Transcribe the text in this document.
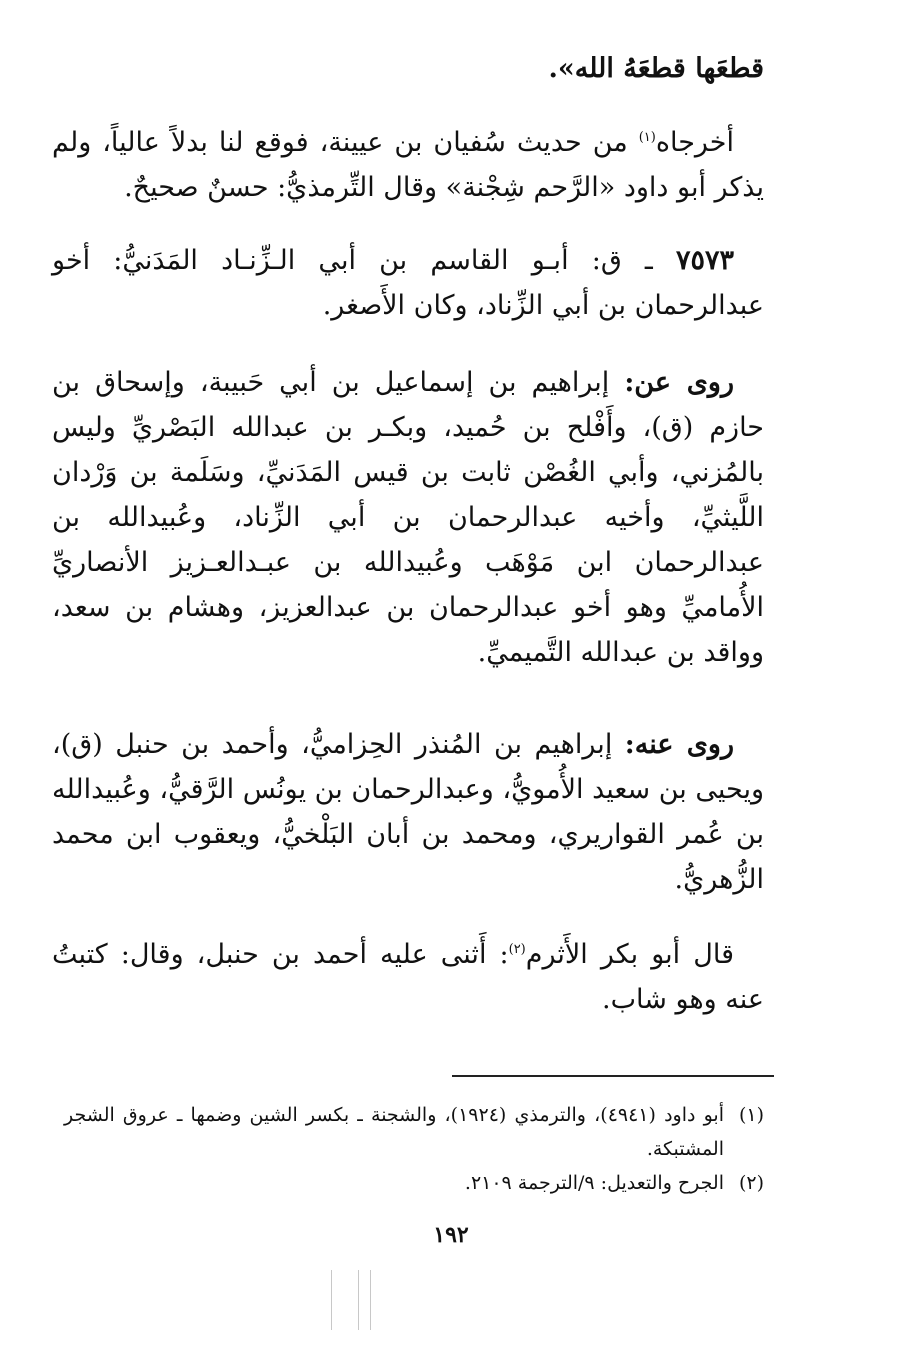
قطعَها قطعَهُ الله».

أخرجاه$^{(١)}$ من حديث سُفيان بن عيينة، فوقع لنا بدلاً عالياً، ولم يذكر أبو داود «الرَّحم شِجْنة» وقال التِّرمذيُّ: حسنٌ صحيحٌ.

٧٥٧٣ ـ ق: أبـو القاسم بن أبي الـزِّنـاد المَدَنيُّ: أخو عبدالرحمان بن أبي الزِّناد، وكان الأَصغر.

روى عن: إبراهيم بن إسماعيل بن أبي حَبيبة، وإسحاق بن حازم (ق)، وأَفْلح بن حُميد، وبكـر بن عبدالله البَصْريِّ وليس بالمُزني، وأبي الغُصْن ثابت بن قيس المَدَنيِّ، وسَلَمة بن وَرْدان اللَّيثيِّ، وأخيه عبدالرحمان بن أبي الزِّناد، وعُبيدالله بن عبدالرحمان ابن مَوْهَب وعُبيدالله بن عبـدالعـزيز الأنصاريِّ الأُماميِّ وهو أخو عبدالرحمان بن عبدالعزيز، وهشام بن سعد، وواقد بن عبدالله التَّميميِّ.

روى عنه: إبراهيم بن المُنذر الحِزاميُّ، وأحمد بن حنبل (ق)، ويحيى بن سعيد الأُمويُّ، وعبدالرحمان بن يونُس الرَّقيُّ، وعُبيدالله بن عُمر القواريري، ومحمد بن أبان البَلْخيُّ، ويعقوب ابن محمد الزُّهريُّ.

قال أبو بكر الأَثرم$^{(٢)}$: أَثنى عليه أحمد بن حنبل، وقال: كتبتُ عنه وهو شاب.

(١)
أبو داود (٤٩٤١)، والترمذي (١٩٢٤)، والشجنة ـ بكسر الشين وضمها ـ عروق الشجر المشتبكة.
(٢)
الجرح والتعديل: ٩/الترجمة ٢١٠٩.
١٩٢
